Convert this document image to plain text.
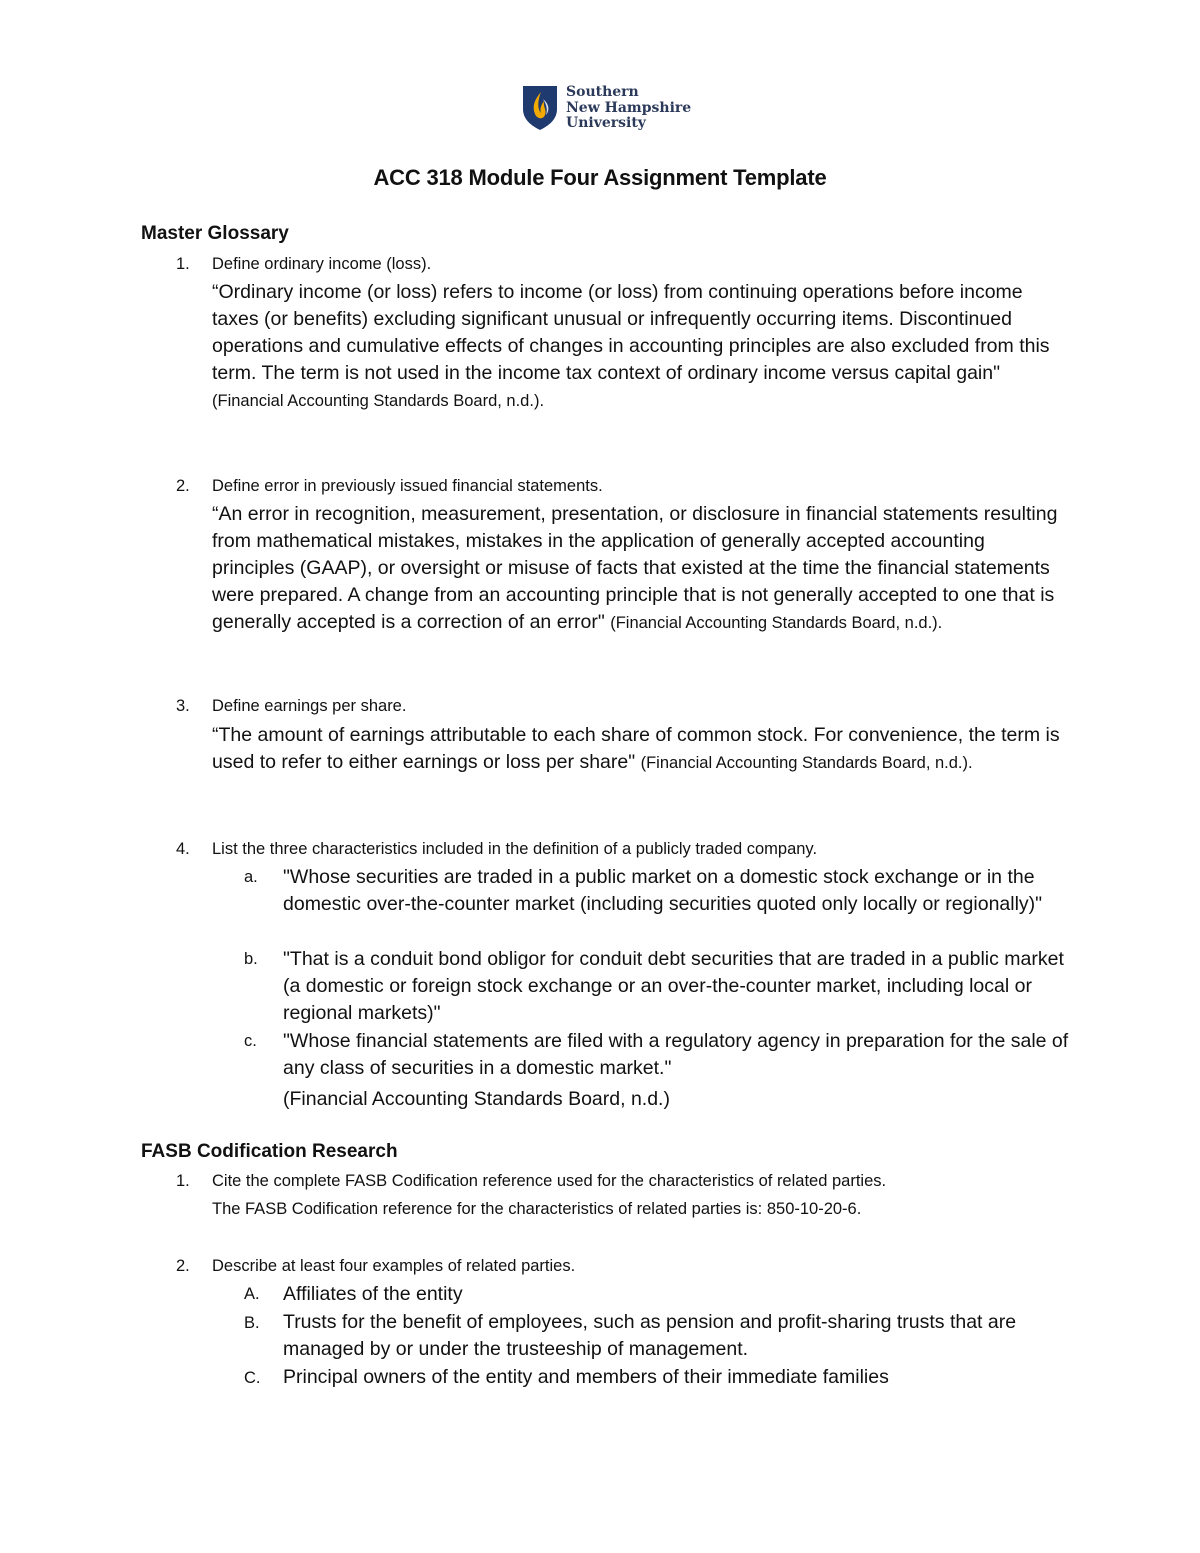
Southern
New Hampshire
University
ACC 318 Module Four Assignment Template
Master Glossary
1. Define ordinary income (loss).
“Ordinary income (or loss) refers to income (or loss) from continuing operations before income taxes (or benefits) excluding significant unusual or infrequently occurring items. Discontinued operations and cumulative effects of changes in accounting principles are also excluded from this term. The term is not used in the income tax context of ordinary income versus capital gain" (Financial Accounting Standards Board, n.d.).
2. Define error in previously issued financial statements.
“An error in recognition, measurement, presentation, or disclosure in financial statements resulting from mathematical mistakes, mistakes in the application of generally accepted accounting principles (GAAP), or oversight or misuse of facts that existed at the time the financial statements were prepared. A change from an accounting principle that is not generally accepted to one that is generally accepted is a correction of an error" (Financial Accounting Standards Board, n.d.).
3. Define earnings per share.
“The amount of earnings attributable to each share of common stock. For convenience, the term is used to refer to either earnings or loss per share" (Financial Accounting Standards Board, n.d.).
4. List the three characteristics included in the definition of a publicly traded company.
a. "Whose securities are traded in a public market on a domestic stock exchange or in the domestic over-the-counter market (including securities quoted only locally or regionally)"
b. "That is a conduit bond obligor for conduit debt securities that are traded in a public market (a domestic or foreign stock exchange or an over-the-counter market, including local or regional markets)"
c. "Whose financial statements are filed with a regulatory agency in preparation for the sale of any class of securities in a domestic market."
(Financial Accounting Standards Board, n.d.)
FASB Codification Research
1. Cite the complete FASB Codification reference used for the characteristics of related parties.
The FASB Codification reference for the characteristics of related parties is: 850-10-20-6.
2. Describe at least four examples of related parties.
A. Affiliates of the entity
B. Trusts for the benefit of employees, such as pension and profit-sharing trusts that are managed by or under the trusteeship of management.
C. Principal owners of the entity and members of their immediate families
